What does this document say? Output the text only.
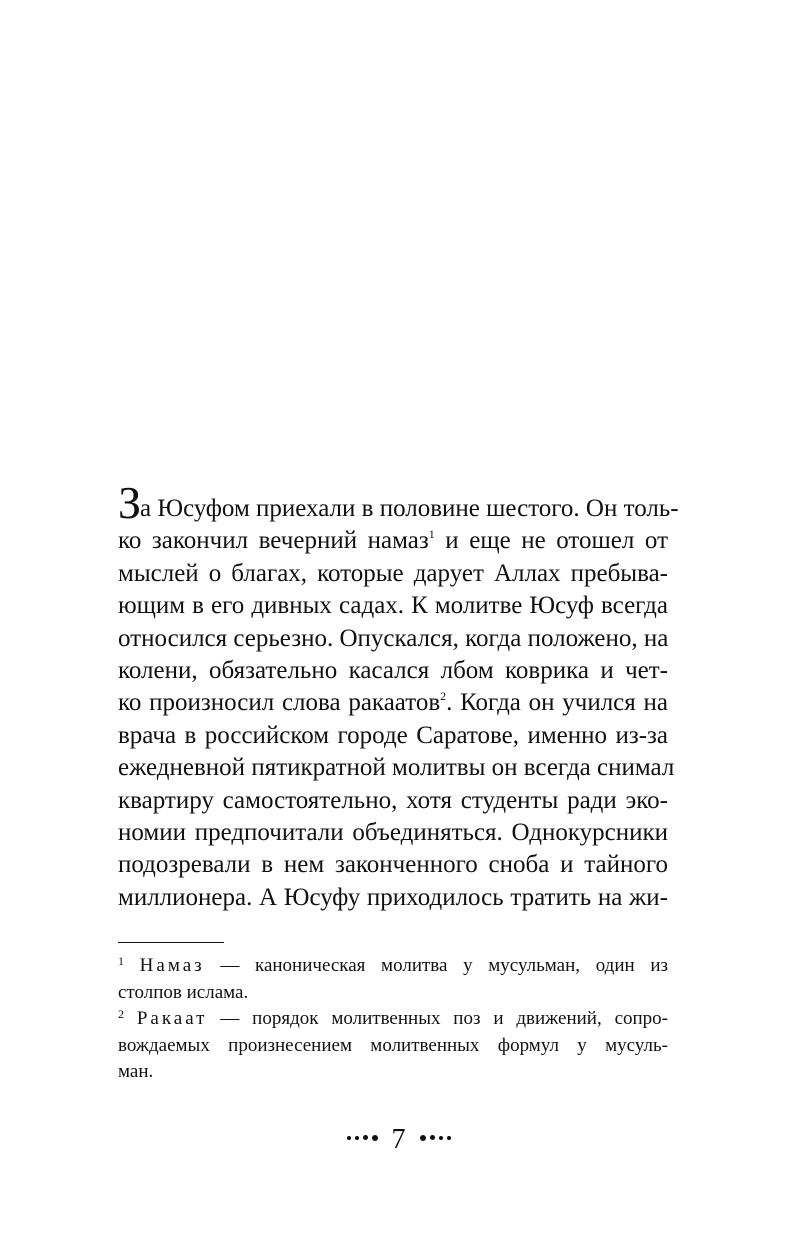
За Юсуфом приехали в половине шестого. Он толь-
ко закончил вечерний намаз$^1$ и еще не отошел от
мыслей о благах, которые дарует Аллах пребыва-
ющим в его дивных садах. К молитве Юсуф всегда
относился серьезно. Опускался, когда положено, на
колени, обязательно касался лбом коврика и чет-
ко произносил слова ракаатов$^2$. Когда он учился на
врача в российском городе Саратове, именно из-за
ежедневной пятикратной молитвы он всегда снимал
квартиру самостоятельно, хотя студенты ради эко-
номии предпочитали объединяться. Однокурсники
подозревали в нем законченного сноба и тайного
миллионера. А Юсуфу приходилось тратить на жи-
$^1$ Намаз — каноническая молитва у мусульман, один из
столпов ислама.
$^2$ Ракаат — порядок молитвенных поз и движений, сопро-
вождаемых произнесением молитвенных формул у мусуль-
ман.
7
